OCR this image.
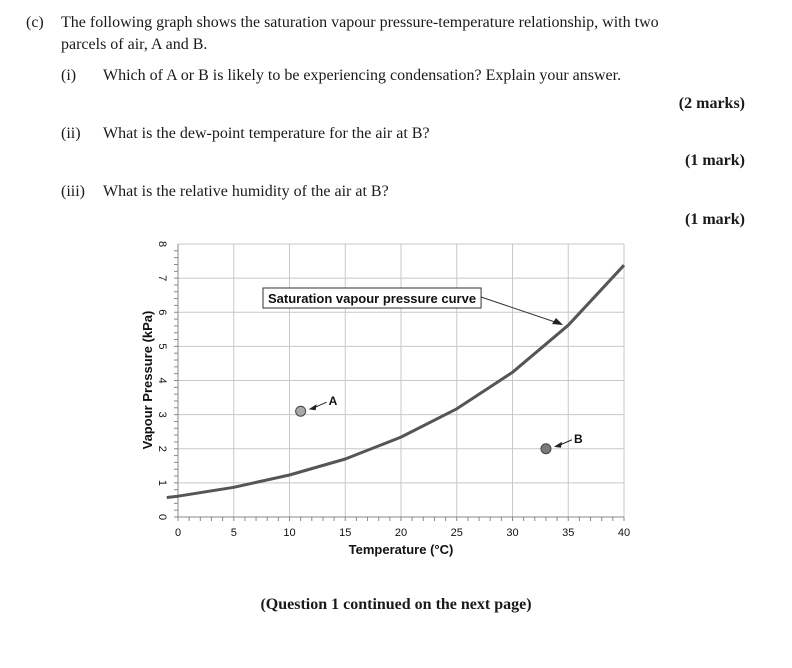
(c) The following graph shows the saturation vapour pressure-temperature relationship, with two
parcels of air, A and B.
(i) Which of A or B is likely to be experiencing condensation? Explain your answer.
(2 marks)
(ii) What is the dew-point temperature for the air at B?
(1 mark)
(iii) What is the relative humidity of the air at B?
(1 mark)
0	5	10	15	20	25	30	35	40
0
1
2
3
4
5
6
7
8
A
B
Saturation vapour pressure curve
Temperature (°C)
Vapour Pressure (kPa)
(Question 1 continued on the next page)
